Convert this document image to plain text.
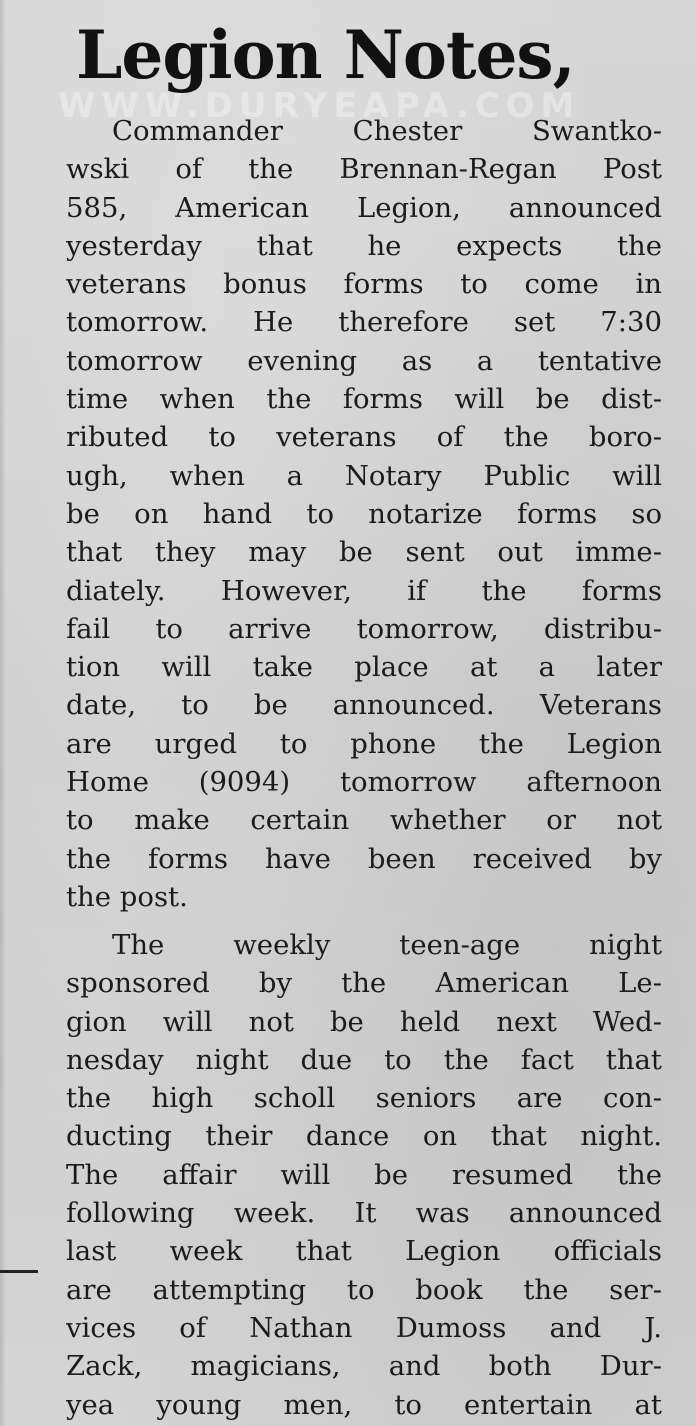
WWW.DURYEAPA.COM
Legion Notes,
Commander Chester Swantko-
wski of the Brennan-Regan Post
585, American Legion, announced
yesterday that he expects the
veterans bonus forms to come in
tomorrow. He therefore set 7:30
tomorrow evening as a tentative
time when the forms will be dist-
ributed to veterans of the boro-
ugh, when a Notary Public will
be on hand to notarize forms so
that they may be sent out imme-
diately. However, if the forms
fail to arrive tomorrow, distribu-
tion will take place at a later
date, to be announced. Veterans
are urged to phone the Legion
Home (9094) tomorrow afternoon
to make certain whether or not
the forms have been received by
the post.
The weekly teen-age night
sponsored by the American Le-
gion will not be held next Wed-
nesday night due to the fact that
the high scholl seniors are con-
ducting their dance on that night.
The affair will be resumed the
following week. It was announced
last week that Legion officials
are attempting to book the ser-
vices of Nathan Dumoss and J.
Zack, magicians, and both Dur-
yea young men, to entertain at
